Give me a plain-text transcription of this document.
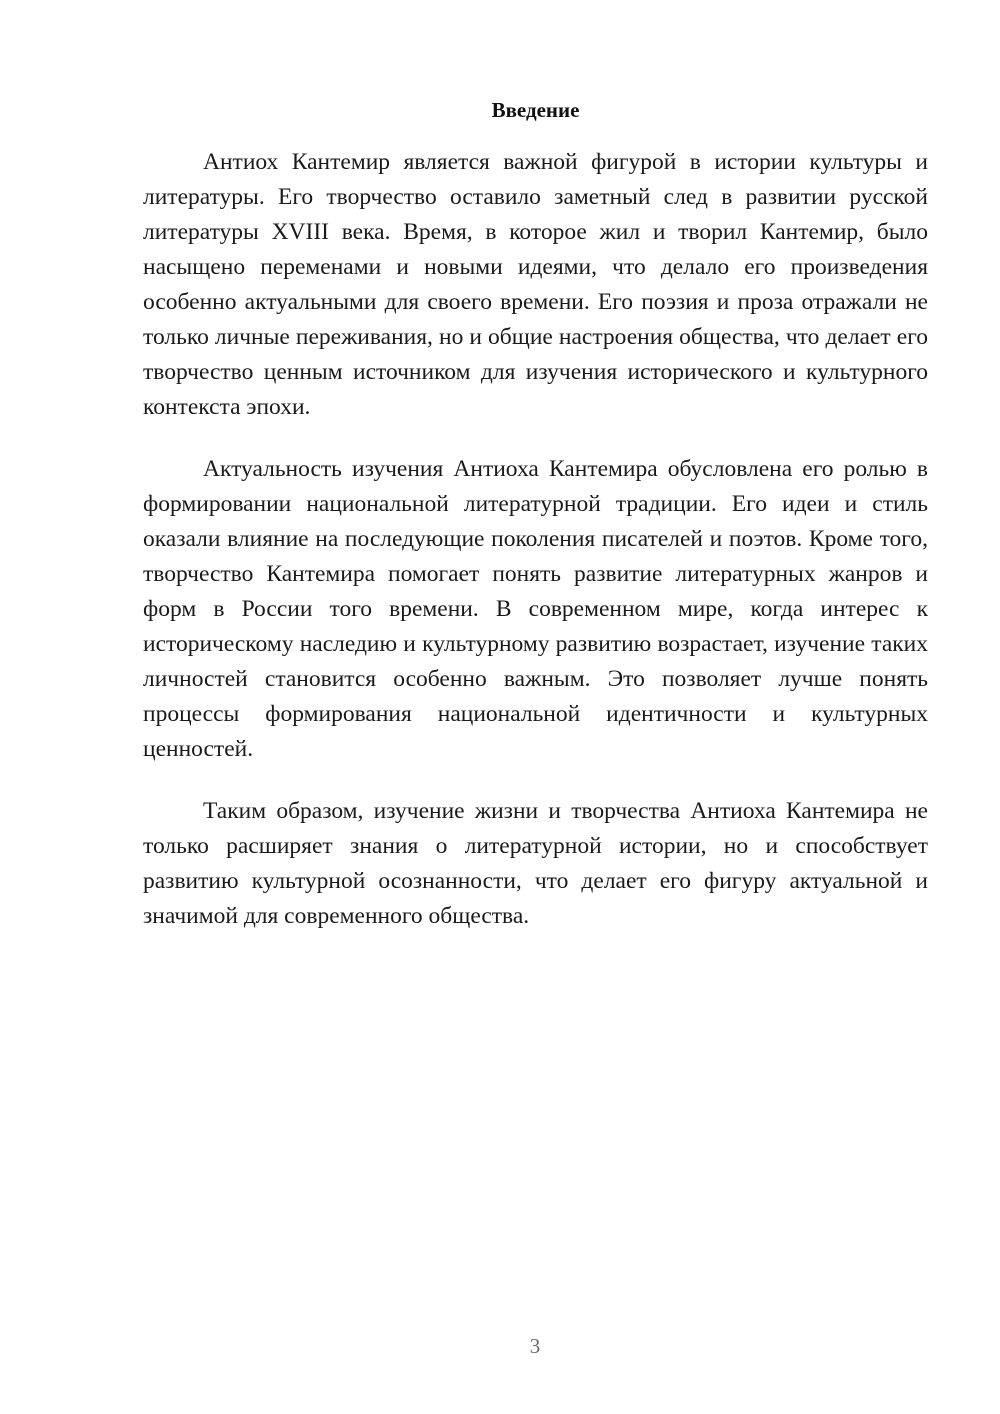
Введение

Антиох Кантемир является важной фигурой в истории культуры и литературы. Его творчество оставило заметный след в развитии русской литературы XVIII века. Время, в которое жил и творил Кантемир, было насыщено переменами и новыми идеями, что делало его произведения особенно актуальными для своего времени. Его поэзия и проза отражали не только личные переживания, но и общие настроения общества, что делает его творчество ценным источником для изучения исторического и культурного контекста эпохи.

Актуальность изучения Антиоха Кантемира обусловлена его ролью в формировании национальной литературной традиции. Его идеи и стиль оказали влияние на последующие поколения писателей и поэтов. Кроме того, творчество Кантемира помогает понять развитие литературных жанров и форм в России того времени. В современном мире, когда интерес к историческому наследию и культурному развитию возрастает, изучение таких личностей становится особенно важным. Это позволяет лучше понять процессы формирования национальной идентичности и культурных ценностей.

Таким образом, изучение жизни и творчества Антиоха Кантемира не только расширяет знания о литературной истории, но и способствует развитию культурной осознанности, что делает его фигуру актуальной и значимой для современного общества.

3
